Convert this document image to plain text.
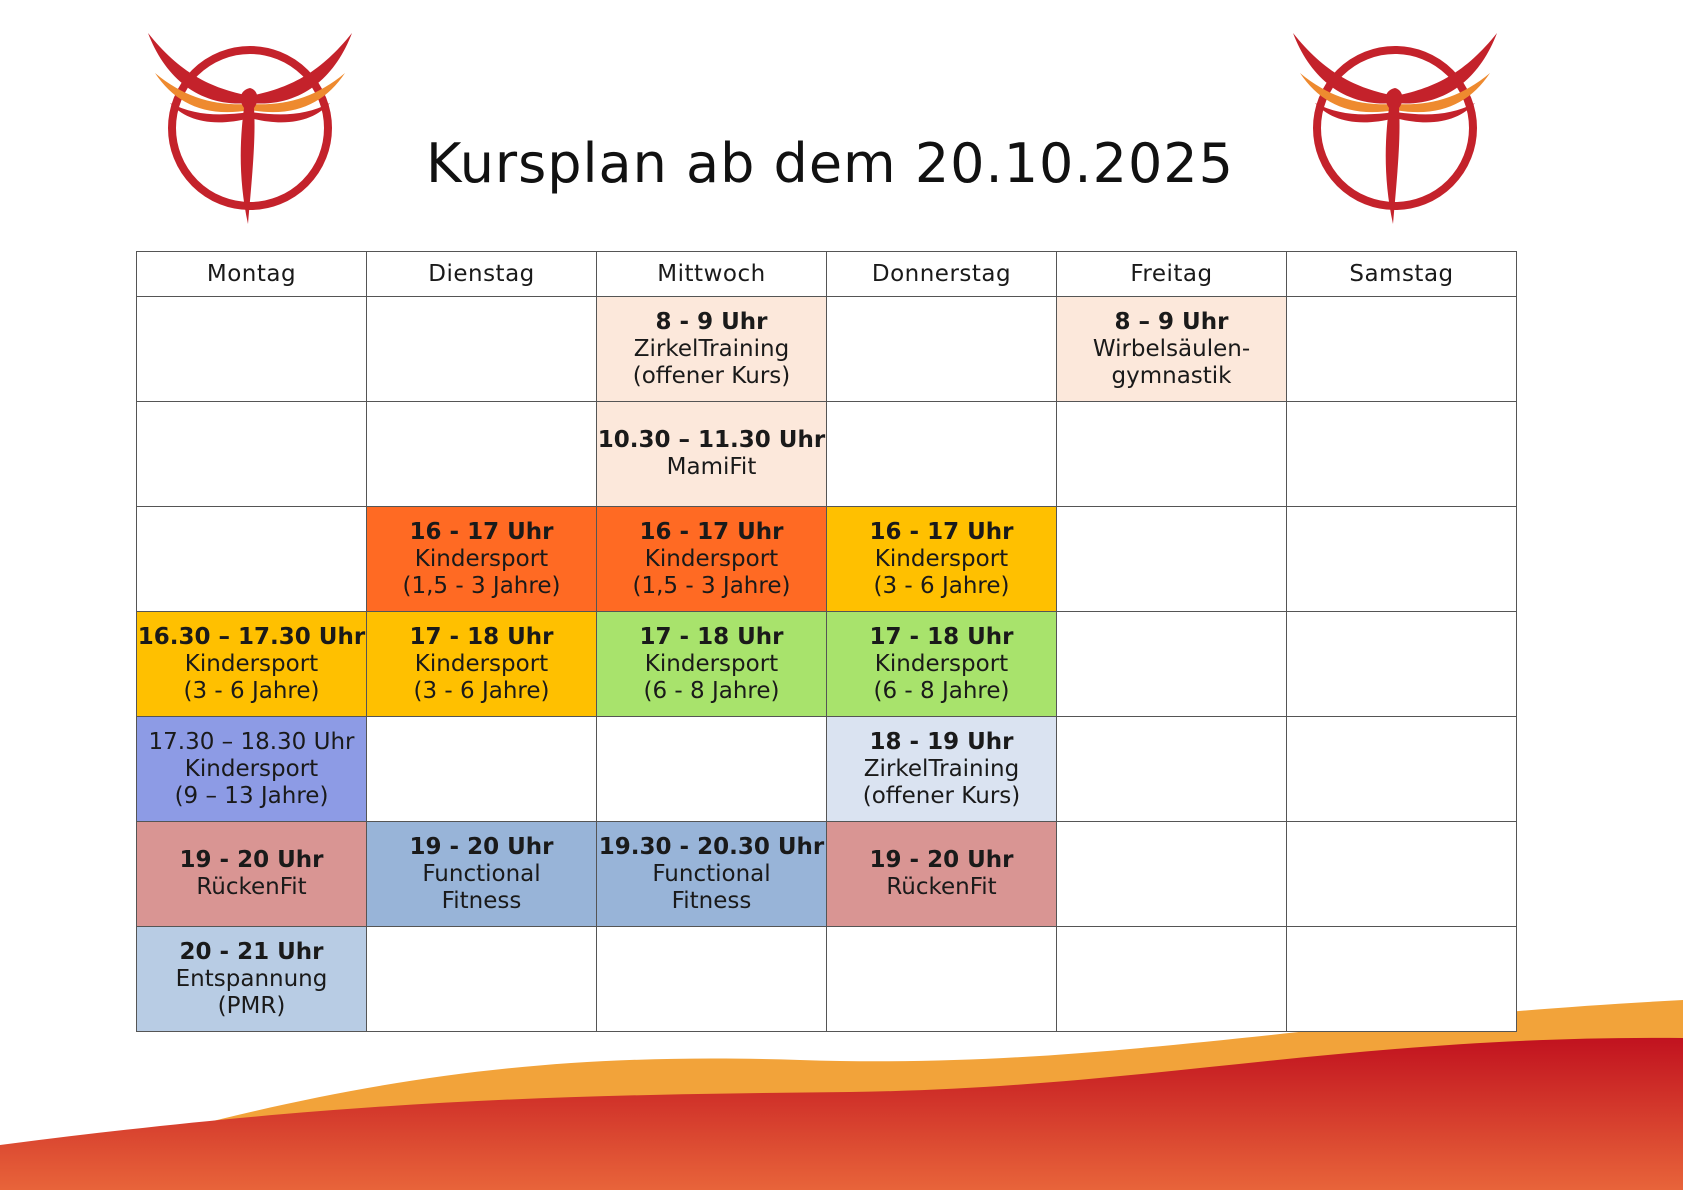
Kursplan ab dem 20.10.2025
Montag	Dienstag	Mittwoch	Donnerstag	Freitag	Samstag

		8 - 9 Uhr
ZirkelTraining
(offener Kurs)		8 – 9 Uhr
Wirbelsäulen-
gymnastik	

		10.30 – 11.30 Uhr
MamiFit			

	16 - 17 Uhr
Kindersport
(1,5 - 3 Jahre)	16 - 17 Uhr
Kindersport
(1,5 - 3 Jahre)	16 - 17 Uhr
Kindersport
(3 - 6 Jahre)		

16.30 – 17.30 Uhr
Kindersport
(3 - 6 Jahre)	17 - 18 Uhr
Kindersport
(3 - 6 Jahre)	17 - 18 Uhr
Kindersport
(6 - 8 Jahre)	17 - 18 Uhr
Kindersport
(6 - 8 Jahre)		

17.30 – 18.30 Uhr
Kindersport
(9 – 13 Jahre)			18 - 19 Uhr
ZirkelTraining
(offener Kurs)		

19 - 20 Uhr
RückenFit	19 - 20 Uhr
Functional
Fitness	19.30 - 20.30 Uhr
Functional
Fitness	19 - 20 Uhr
RückenFit		

20 - 21 Uhr
Entspannung
(PMR)					
